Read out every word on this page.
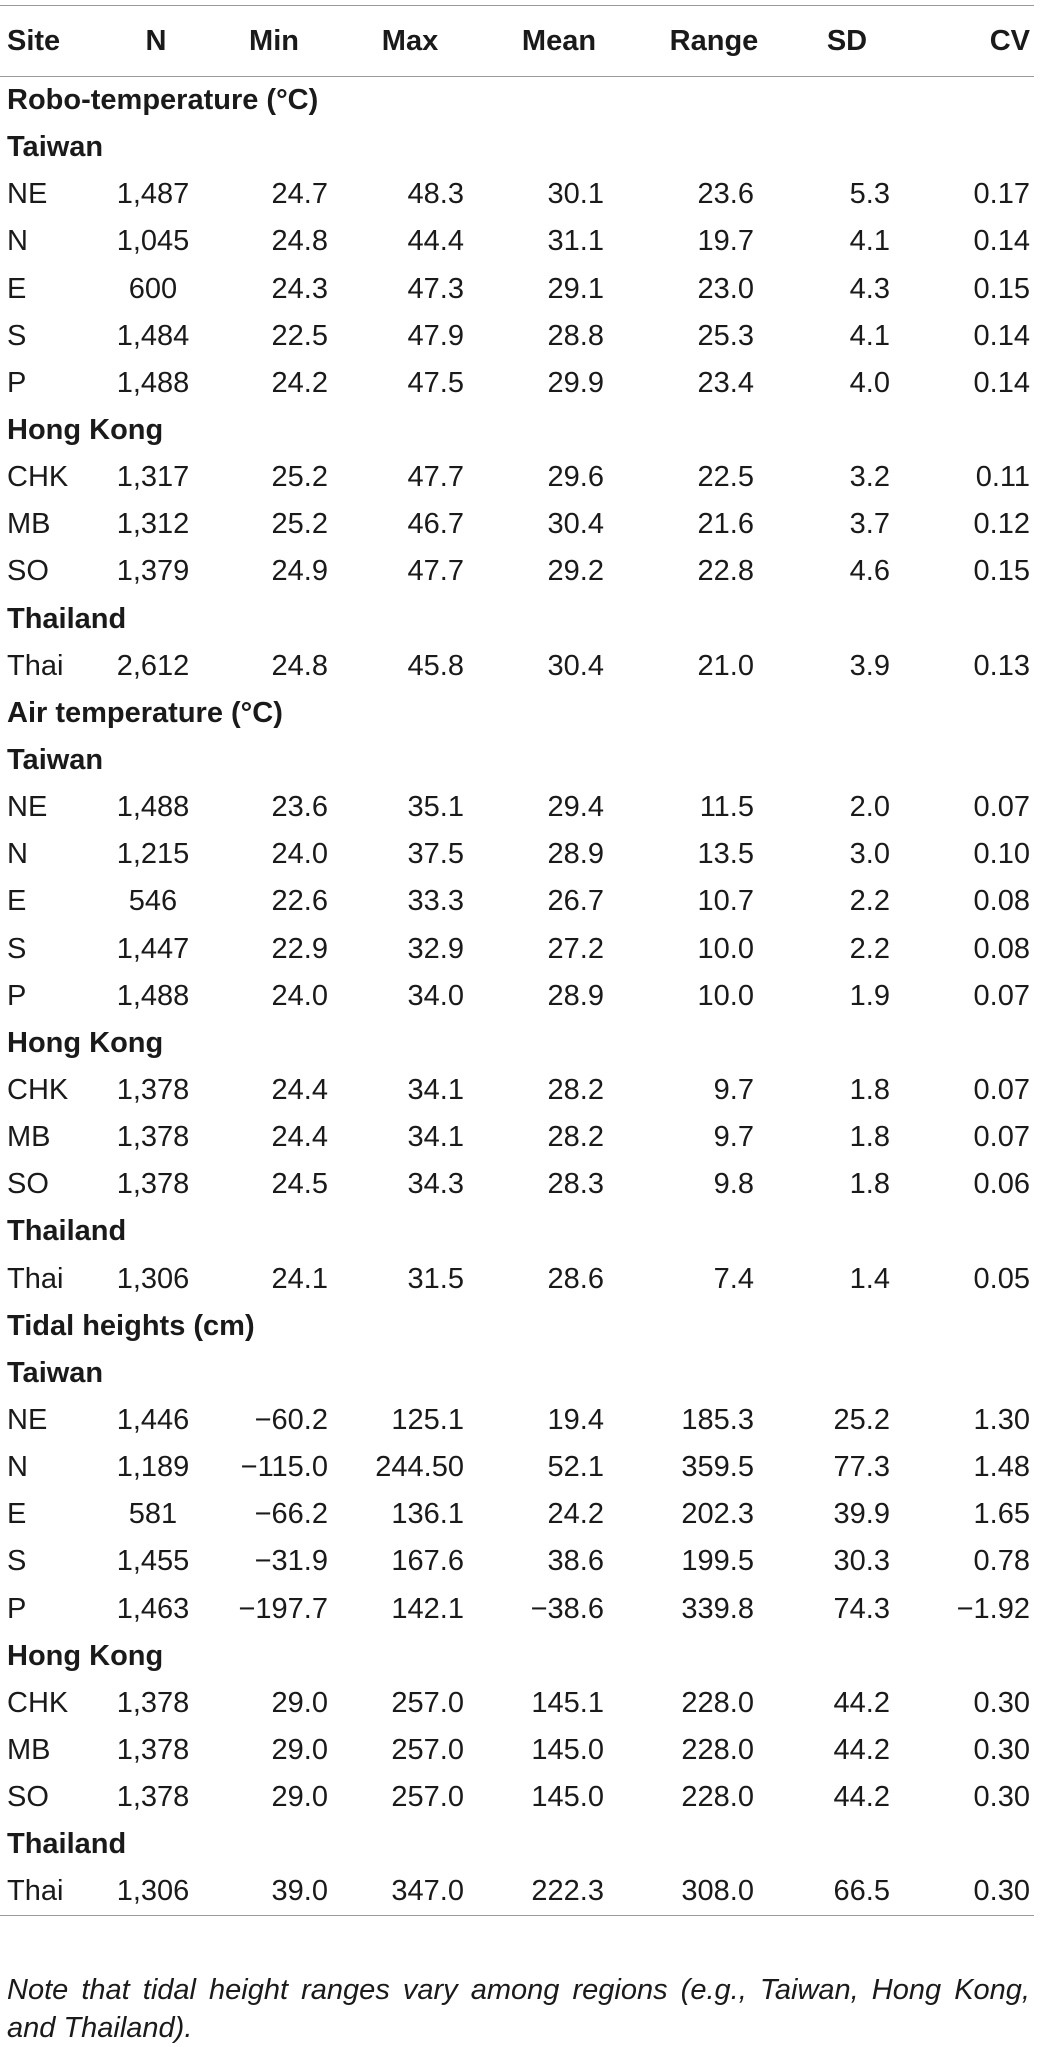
Site	N	Min	Max	Mean	Range	SD	CV
Robo-temperature (°C)							
Taiwan							
NE	1,487	24.7	48.3	30.1	23.6	5.3	0.17
N	1,045	24.8	44.4	31.1	19.7	4.1	0.14
E	600	24.3	47.3	29.1	23.0	4.3	0.15
S	1,484	22.5	47.9	28.8	25.3	4.1	0.14
P	1,488	24.2	47.5	29.9	23.4	4.0	0.14
Hong Kong							
CHK	1,317	25.2	47.7	29.6	22.5	3.2	0.11
MB	1,312	25.2	46.7	30.4	21.6	3.7	0.12
SO	1,379	24.9	47.7	29.2	22.8	4.6	0.15
Thailand							
Thai	2,612	24.8	45.8	30.4	21.0	3.9	0.13
Air temperature (°C)							
Taiwan							
NE	1,488	23.6	35.1	29.4	11.5	2.0	0.07
N	1,215	24.0	37.5	28.9	13.5	3.0	0.10
E	546	22.6	33.3	26.7	10.7	2.2	0.08
S	1,447	22.9	32.9	27.2	10.0	2.2	0.08
P	1,488	24.0	34.0	28.9	10.0	1.9	0.07
Hong Kong							
CHK	1,378	24.4	34.1	28.2	9.7	1.8	0.07
MB	1,378	24.4	34.1	28.2	9.7	1.8	0.07
SO	1,378	24.5	34.3	28.3	9.8	1.8	0.06
Thailand							
Thai	1,306	24.1	31.5	28.6	7.4	1.4	0.05
Tidal heights (cm)							
Taiwan							
NE	1,446	−60.2	125.1	19.4	185.3	25.2	1.30
N	1,189	−115.0	244.50	52.1	359.5	77.3	1.48
E	581	−66.2	136.1	24.2	202.3	39.9	1.65
S	1,455	−31.9	167.6	38.6	199.5	30.3	0.78
P	1,463	−197.7	142.1	−38.6	339.8	74.3	−1.92
Hong Kong							
CHK	1,378	29.0	257.0	145.1	228.0	44.2	0.30
MB	1,378	29.0	257.0	145.0	228.0	44.2	0.30
SO	1,378	29.0	257.0	145.0	228.0	44.2	0.30
Thailand							
Thai	1,306	39.0	347.0	222.3	308.0	66.5	0.30

Note that tidal height ranges vary among regions (e.g., Taiwan, Hong Kong, and Thailand).
